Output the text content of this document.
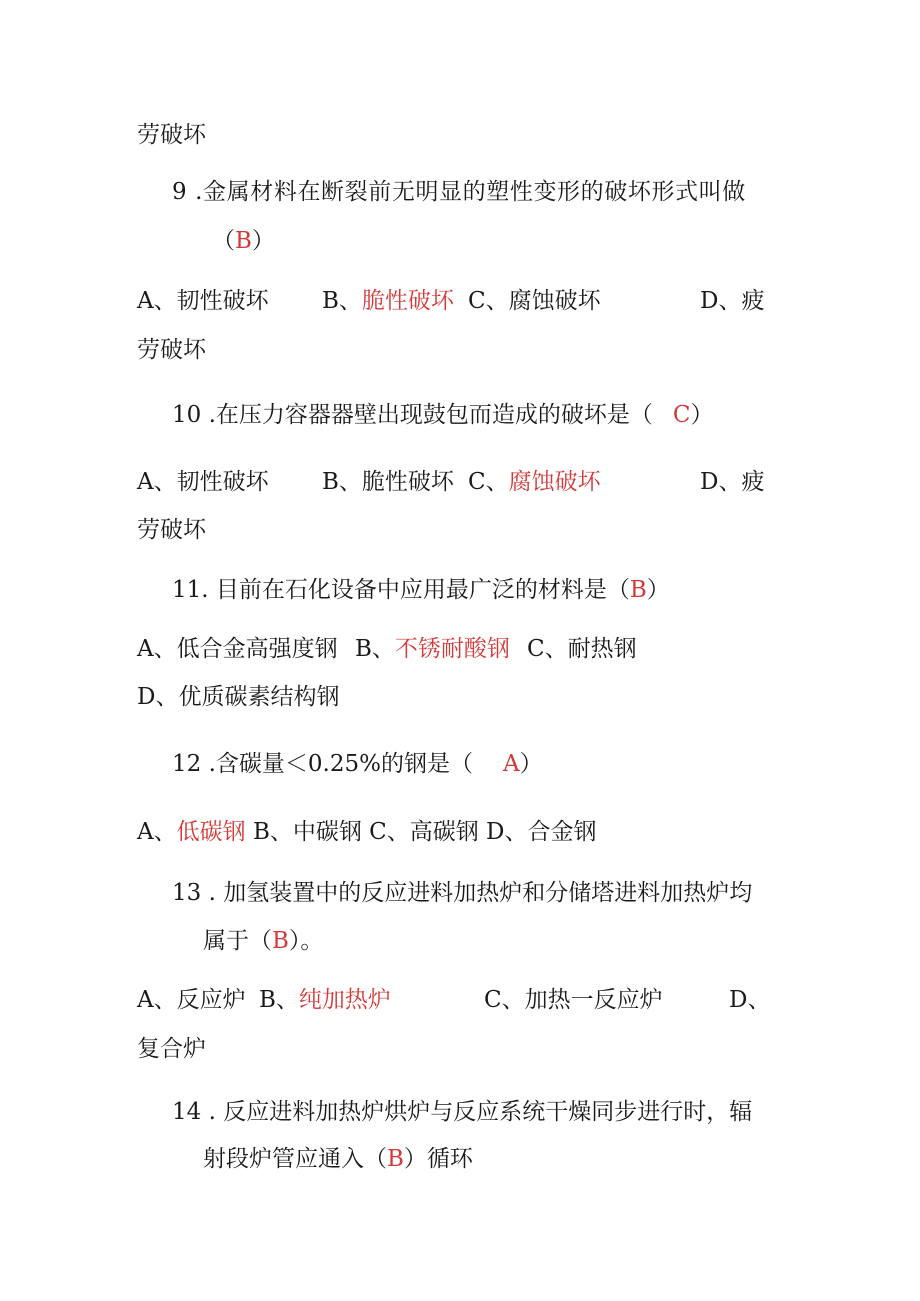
劳破坏
9 .金属材料在断裂前无明显的塑性变形的破坏形式叫做
（B）
A、韧性破坏 B、脆性破坏 C、腐蚀破坏	D、疲
劳破坏
10 .在压力容器器壁出现鼓包而造成的破坏是（ C）
A、韧性破坏 B、脆性破坏 C、腐蚀破坏	D、疲
劳破坏
11. 目前在石化设备中应用最广泛的材料是（B）
A、低合金高强度钢 B、不锈耐酸钢 C、耐热钢
D、优质碳素结构钢
12 .含碳量＜0.25%的钢是（ A）
A、低碳钢 B、中碳钢 C、高碳钢 D、合金钢
13 . 加氢装置中的反应进料加热炉和分储塔进料加热炉均
属于（B）。
A、反应炉 B、纯加热炉	C、加热一反应炉	D、
复合炉
14 . 反应进料加热炉烘炉与反应系统干燥同步进行时，辐
射段炉管应通入（B）循环
